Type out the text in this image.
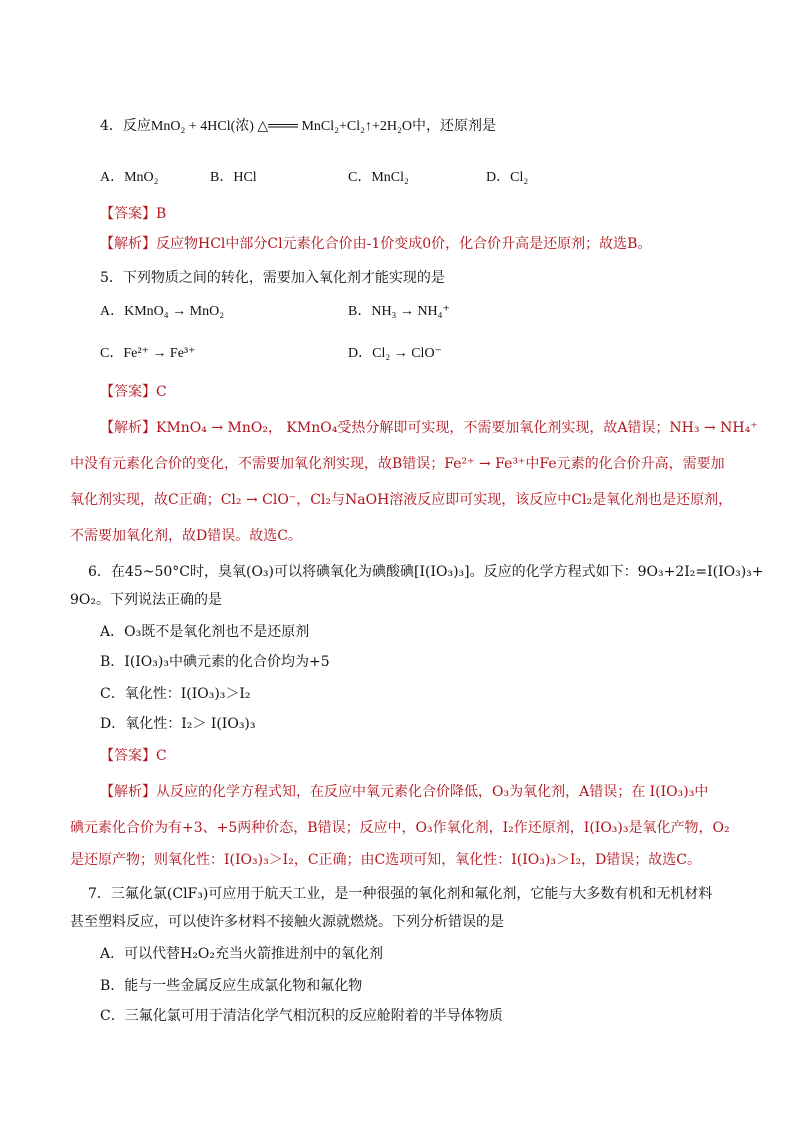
4．反应MnO₂ + 4HCl(浓) △═══ MnCl₂+Cl₂↑+2H₂O中，还原剂是
A．MnO₂	B．HCl	C．MnCl₂	D．Cl₂
【答案】B
【解析】反应物HCl中部分Cl元素化合价由-1价变成0价，化合价升高是还原剂；故选B。
5．下列物质之间的转化，需要加入氧化剂才能实现的是
A．KMnO₄ → MnO₂	B．NH₃ → NH₄⁺
C．Fe²⁺ → Fe³⁺	D．Cl₂ → ClO⁻
【答案】C
【解析】KMnO₄ → MnO₂， KMnO₄受热分解即可实现，不需要加氧化剂实现，故A错误；NH₃ → NH₄⁺
中没有元素化合价的变化，不需要加氧化剂实现，故B错误；Fe²⁺ → Fe³⁺中Fe元素的化合价升高，需要加
氧化剂实现，故C正确；Cl₂ → ClO⁻，Cl₂与NaOH溶液反应即可实现，该反应中Cl₂是氧化剂也是还原剂，
不需要加氧化剂，故D错误。故选C。
6．在45~50°C时，臭氧(O₃)可以将碘氧化为碘酸碘[I(IO₃)₃]。反应的化学方程式如下：9O₃+2I₂=I(IO₃)₃+
9O₂。下列说法正确的是
A．O₃既不是氧化剂也不是还原剂
B．I(IO₃)₃中碘元素的化合价均为+5
C．氧化性：I(IO₃)₃＞I₂
D．氧化性：I₂＞ I(IO₃)₃
【答案】C
【解析】从反应的化学方程式知，在反应中氧元素化合价降低，O₃为氧化剂，A错误；在 I(IO₃)₃中
碘元素化合价为有+3、+5两种价态，B错误；反应中，O₃作氧化剂，I₂作还原剂，I(IO₃)₃是氧化产物，O₂
是还原产物；则氧化性：I(IO₃)₃＞I₂，C正确；由C选项可知，氧化性：I(IO₃)₃＞I₂，D错误；故选C。
7．三氟化氯(ClF₃)可应用于航天工业，是一种很强的氧化剂和氟化剂，它能与大多数有机和无机材料
甚至塑料反应，可以使许多材料不接触火源就燃烧。下列分析错误的是
A．可以代替H₂O₂充当火箭推进剂中的氧化剂
B．能与一些金属反应生成氯化物和氟化物
C．三氟化氯可用于清洁化学气相沉积的反应舱附着的半导体物质
